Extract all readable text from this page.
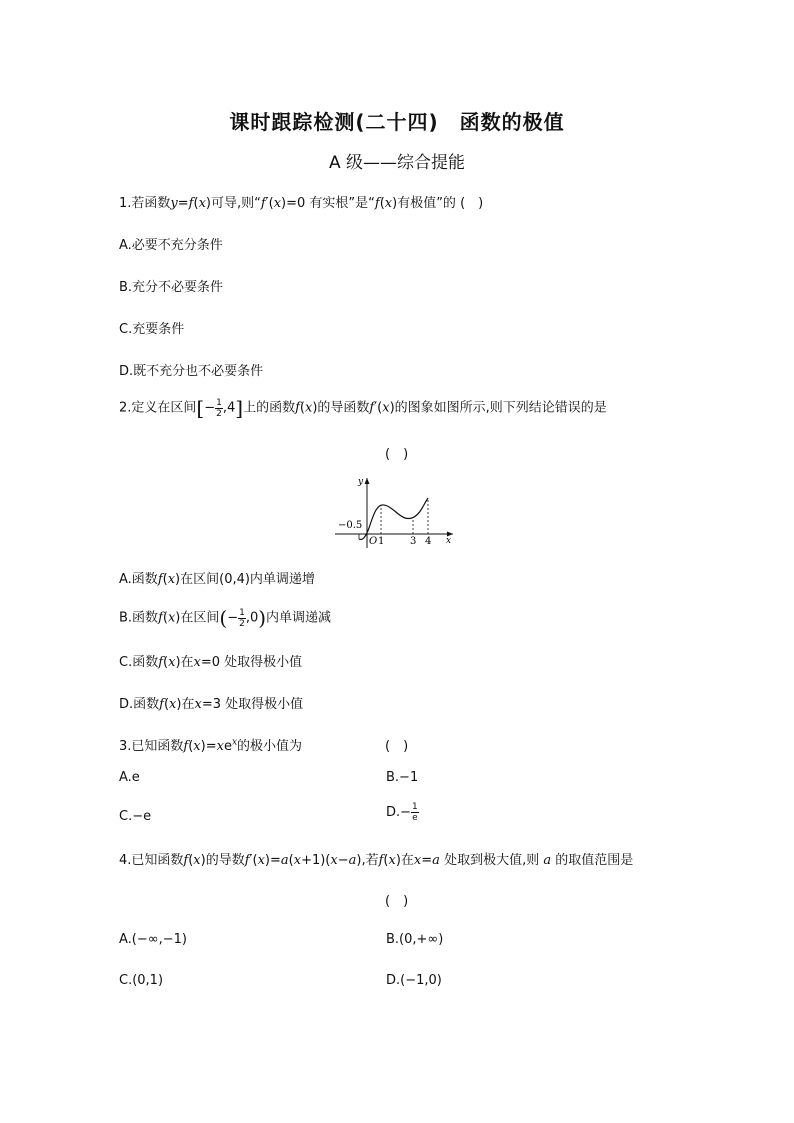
课时跟踪检测(二十四)　函数的极值
A 级——综合提能
1.若函数y=f(x)可导,则“f′(x)=0 有实根”是“f(x)有极值”的 (　)
A.必要不充分条件
B.充分不必要条件
C.充要条件
D.既不充分也不必要条件
2.定义在区间[− $\frac{1}{2} ,4$]上的函数f(x)的导函数f′(x)的图象如图所示,则下列结论错误的是
(　)
y
x
O
−0.5
1	3 4
A.函数f(x)在区间(0,4)内单调递增
B.函数f(x)在区间(− $\frac{1}{2} ,0$)内单调递减
C.函数f(x)在x=0 处取得极小值
D.函数f(x)在x=3 处取得极小值
3.已知函数$f(x)=xe^x$的极小值为	(　)
A.e	B.−1
C.−e	$D.- \frac{1}{e}$
4.已知函数f(x)的导数f′(x)=a(x+1)(x−a),若f(x)在x=a 处取到极大值,则 a 的取值范围是
(　)
A.(−∞,−1)	B.(0,+∞)
C.(0,1)	D.(−1,0)
